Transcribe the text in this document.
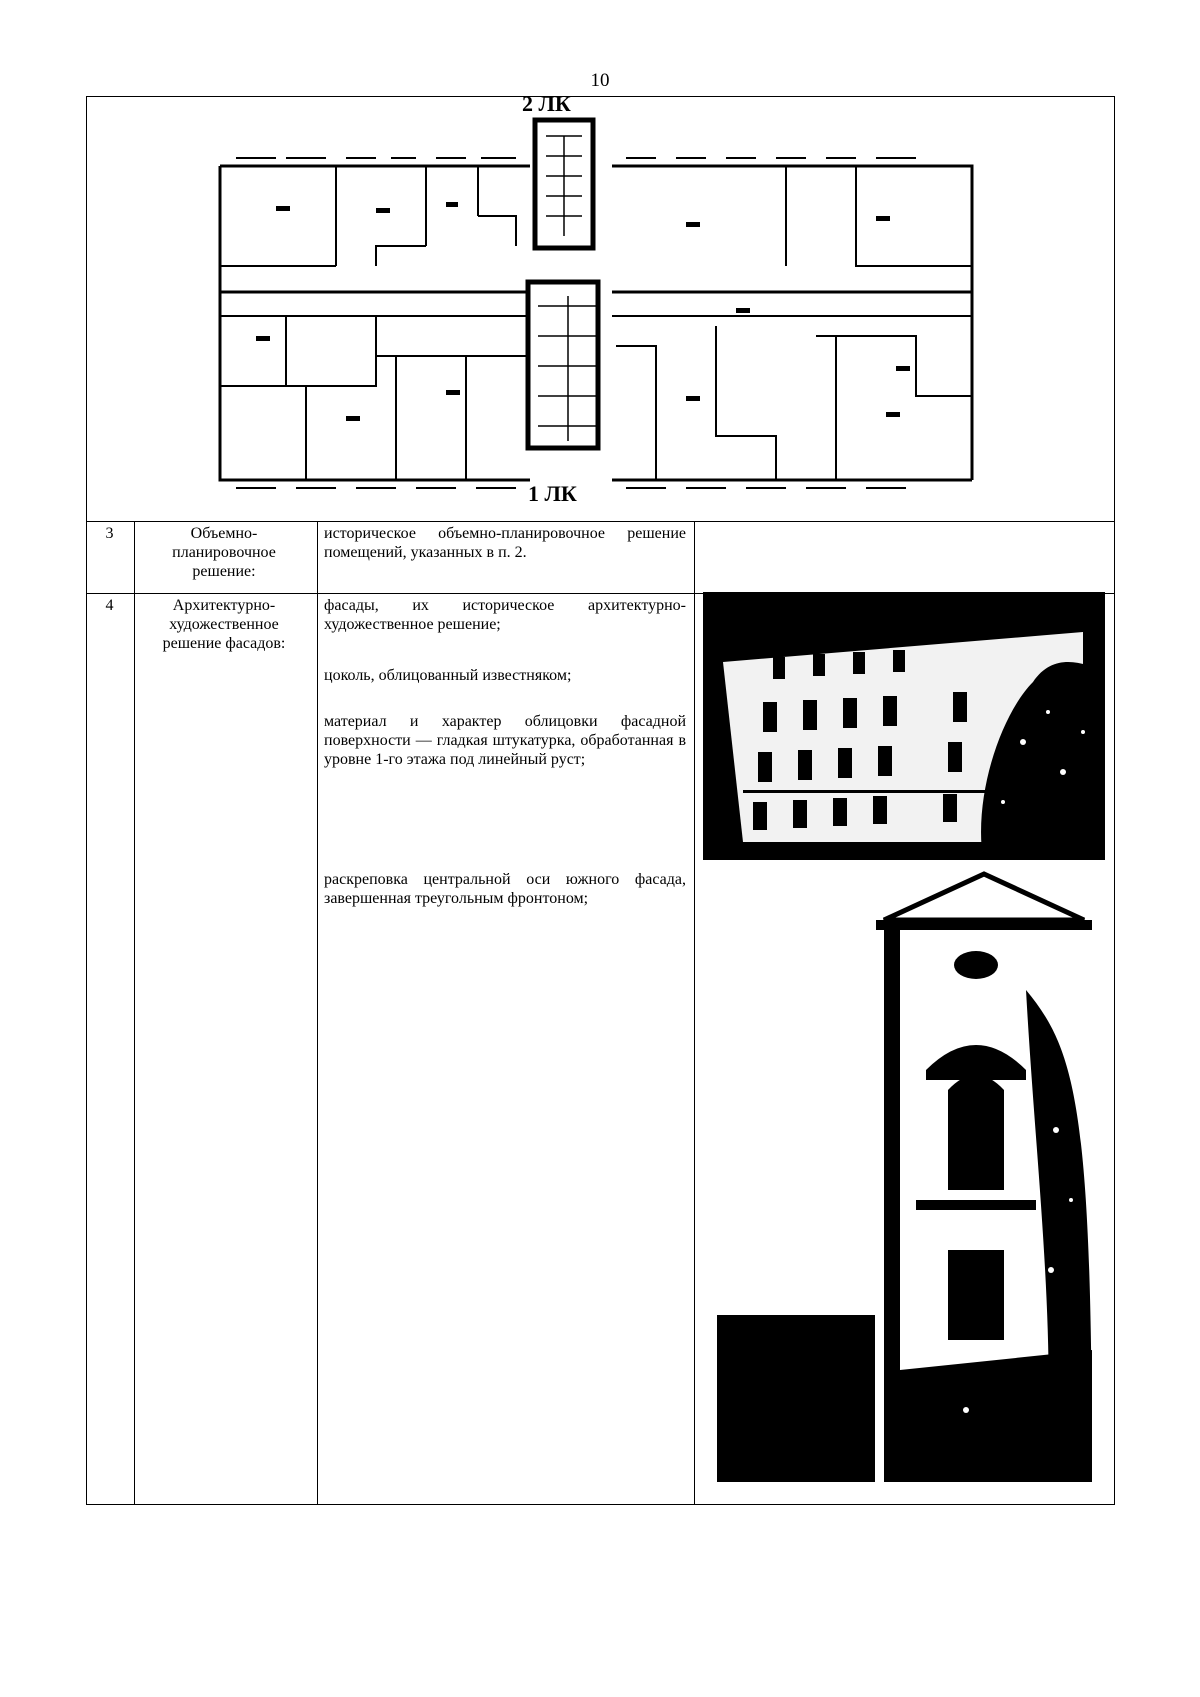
10
2 ЛК
1 ЛК
3	Объемно-планировочное решение:

историческое объемно-планировочное решение помещений, указанных в п. 2.

4	Архитектурно-художественное решение фасадов:

фасады, их историческое архитектурно-художественное решение;

цоколь, облицованный известняком;

материал и характер облицовки фасадной поверхности — гладкая штукатурка, обработанная в уровне 1-го этажа под линейный руст;

раскреповка центральной оси южного фасада, завершенная треугольным фронтоном;
